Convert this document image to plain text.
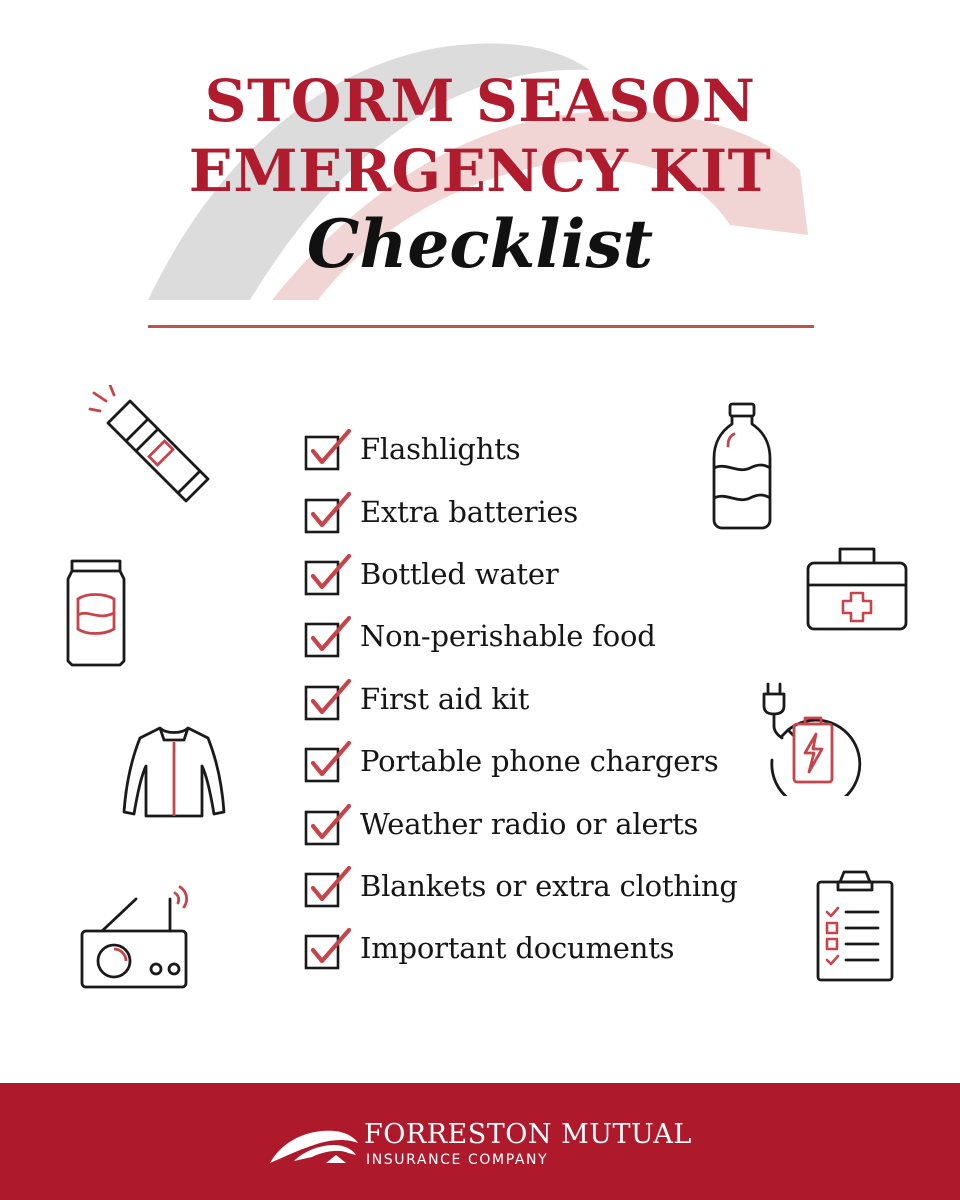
STORM SEASON
EMERGENCY KIT
Checklist
Flashlights
Extra batteries
Bottled water
Non-perishable food
First aid kit
Portable phone chargers
Weather radio or alerts
Blankets or extra clothing
Important documents
FORRESTON MUTUAL
INSURANCE COMPANY
